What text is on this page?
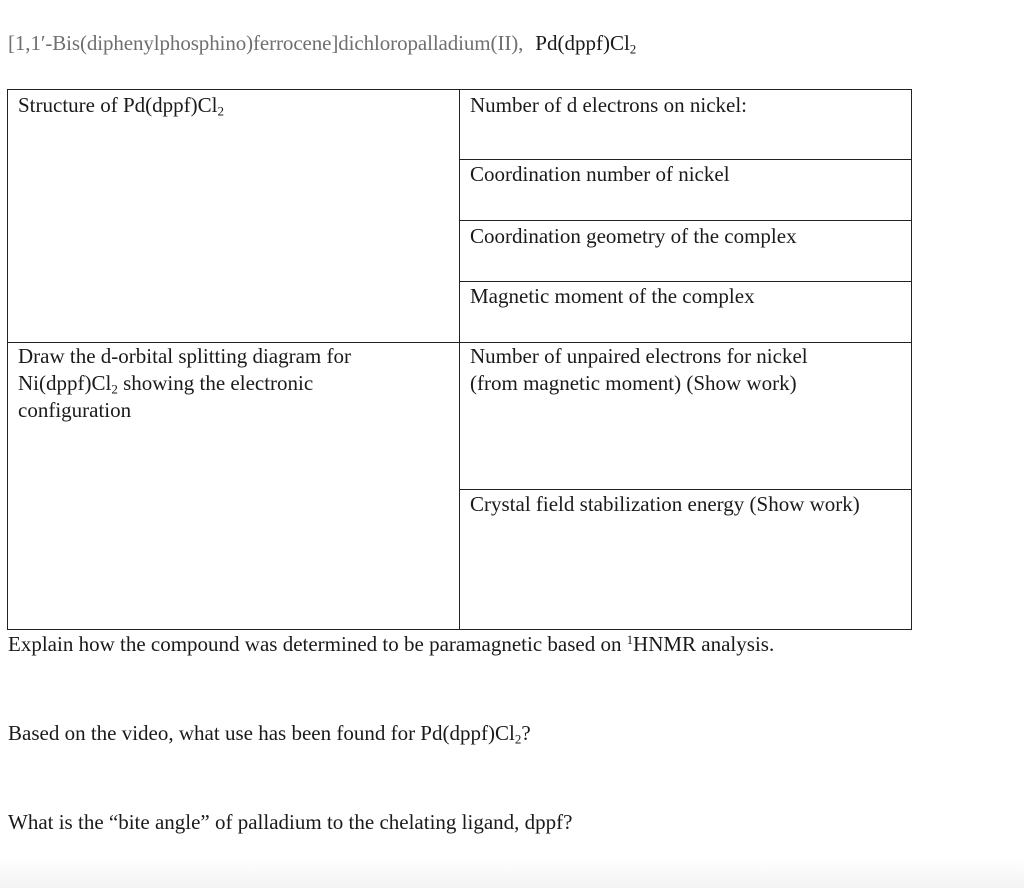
[1,1′-Bis(diphenylphosphino)ferrocene]dichloropalladium(II), $Pd(dppf)Cl_2$
Structure of $Pd(dppf)Cl_2$
Draw the d-orbital splitting diagram for
$Ni(dppf)Cl_2$ showing the electronic
configuration
Number of d electrons on nickel:
Coordination number of nickel
Coordination geometry of the complex
Magnetic moment of the complex
Number of unpaired electrons for nickel
(from magnetic moment) (Show work)
Crystal field stabilization energy (Show work)
Explain how the compound was determined to be paramagnetic based on $^1$HNMR analysis.
Based on the video, what use has been found for $Pd(dppf)Cl_2$?
What is the “bite angle” of palladium to the chelating ligand, dppf?
